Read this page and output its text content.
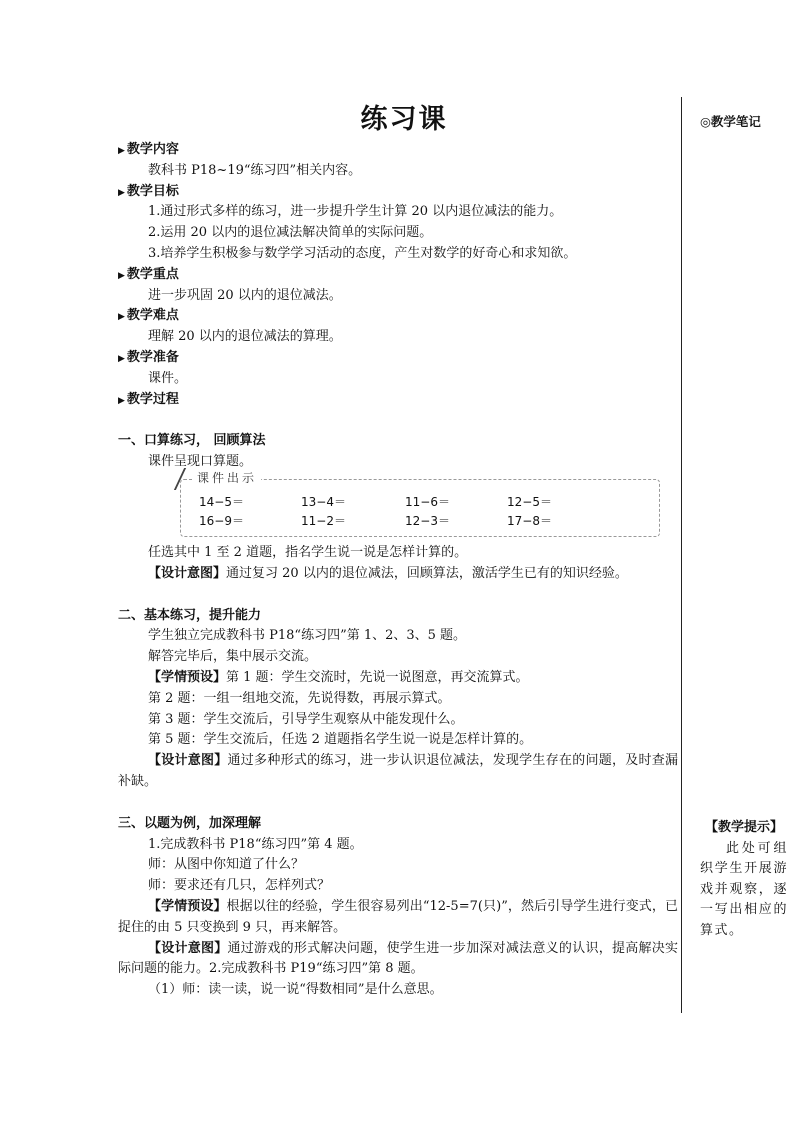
◎教学笔记
【教学提示】
此处可组织学生开展游戏并观察，逐一写出相应的算式。
练习课
▶ 教学内容
教科书 P18~19“练习四”相关内容。
▶ 教学目标
1.通过形式多样的练习，进一步提升学生计算 20 以内退位减法的能力。
2.运用 20 以内的退位减法解决简单的实际问题。
3.培养学生积极参与数学学习活动的态度，产生对数学的好奇心和求知欲。
▶ 教学重点
进一步巩固 20 以内的退位减法。
▶ 教学难点
理解 20 以内的退位减法的算理。
▶ 教学准备
课件。
▶ 教学过程
一、口算练习， 回顾算法
课件呈现口算题。
课件出示
14−5＝	13−4＝	11−6＝	12−5＝
16−9＝	11−2＝	12−3＝	17−8＝
任选其中 1 至 2 道题，指名学生说一说是怎样计算的。
【设计意图】通过复习 20 以内的退位减法，回顾算法，激活学生已有的知识经验。
二、基本练习，提升能力
学生独立完成教科书 P18“练习四”第 1、2、3、5 题。
解答完毕后，集中展示交流。
【学情预设】第 1 题：学生交流时，先说一说图意，再交流算式。
第 2 题：一组一组地交流，先说得数，再展示算式。
第 3 题：学生交流后，引导学生观察从中能发现什么。
第 5 题：学生交流后，任选 2 道题指名学生说一说是怎样计算的。
【设计意图】通过多种形式的练习，进一步认识退位减法，发现学生存在的问题，及时查漏补缺。
三、以题为例，加深理解
1.完成教科书 P18“练习四”第 4 题。
师：从图中你知道了什么？
师：要求还有几只，怎样列式？
【学情预设】根据以往的经验，学生很容易列出“12-5=7(只)”，然后引导学生进行变式，已捉住的由 5 只变换到 9 只，再来解答。
【设计意图】通过游戏的形式解决问题，使学生进一步加深对减法意义的认识，提高解决实际问题的能力。2.完成教科书 P19“练习四”第 8 题。
（1）师：读一读，说一说“得数相同”是什么意思。
